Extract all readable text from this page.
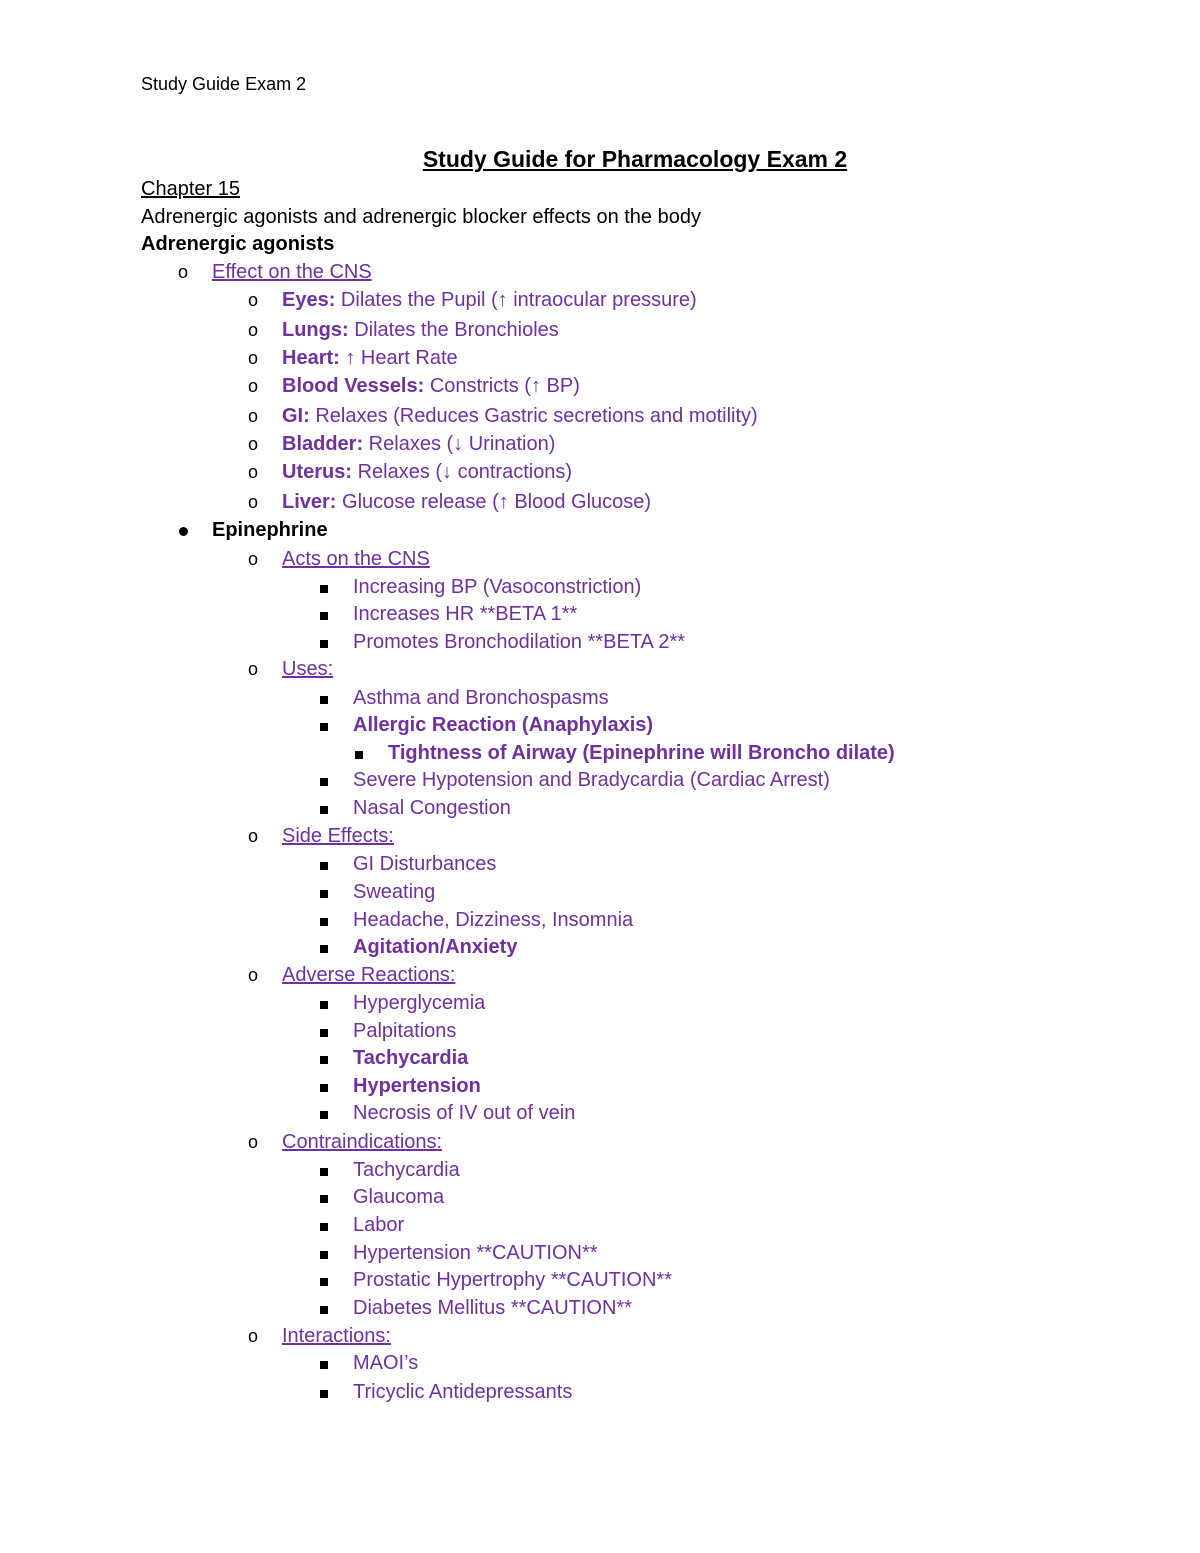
Study Guide Exam 2
Study Guide for Pharmacology Exam 2
Chapter 15
Adrenergic agonists and adrenergic blocker effects on the body
Adrenergic agonists
o Effect on the CNS
o Eyes: Dilates the Pupil (↑ intraocular pressure)
o Lungs: Dilates the Bronchioles
o Heart: ↑ Heart Rate
o Blood Vessels: Constricts (↑ BP)
o GI: Relaxes (Reduces Gastric secretions and motility)
o Bladder: Relaxes (↓ Urination)
o Uterus: Relaxes (↓ contractions)
o Liver: Glucose release (↑ Blood Glucose)
Epinephrine
o Acts on the CNS
Increasing BP (Vasoconstriction)
Increases HR **BETA 1**
Promotes Bronchodilation **BETA 2**
o Uses:
Asthma and Bronchospasms
Allergic Reaction (Anaphylaxis)
Tightness of Airway (Epinephrine will Broncho dilate)
Severe Hypotension and Bradycardia (Cardiac Arrest)
Nasal Congestion
o Side Effects:
GI Disturbances
Sweating
Headache, Dizziness, Insomnia
Agitation/Anxiety
o Adverse Reactions:
Hyperglycemia
Palpitations
Tachycardia
Hypertension
Necrosis of IV out of vein
o Contraindications:
Tachycardia
Glaucoma
Labor
Hypertension **CAUTION**
Prostatic Hypertrophy **CAUTION**
Diabetes Mellitus **CAUTION**
o Interactions:
MAOI’s
Tricyclic Antidepressants
